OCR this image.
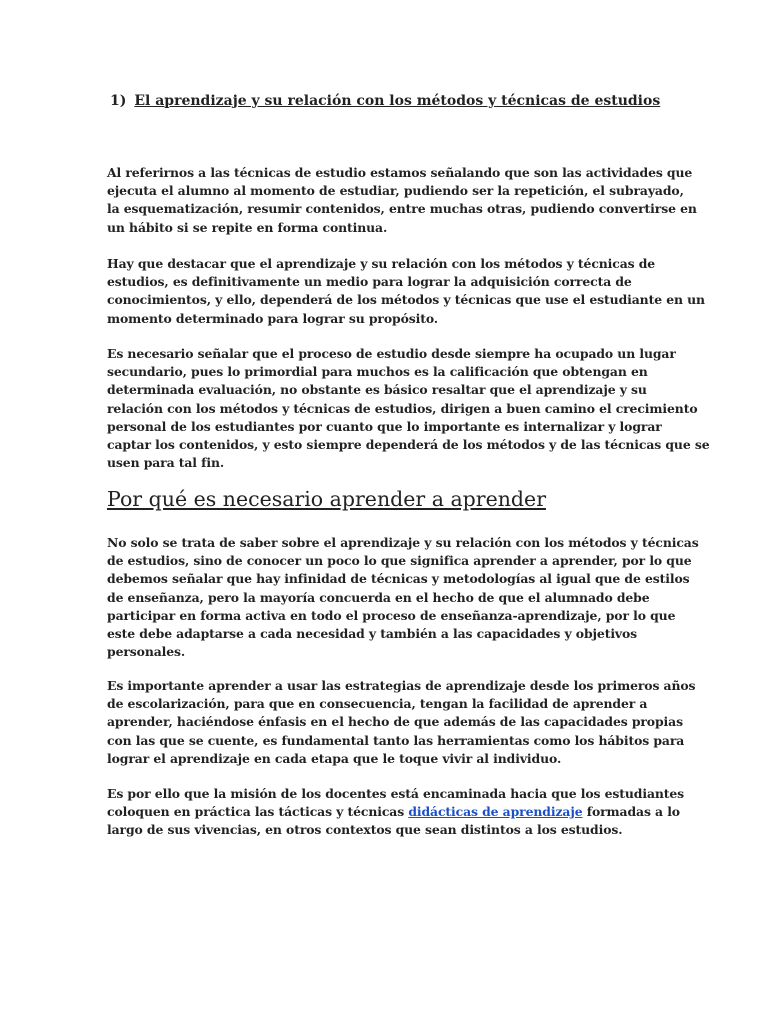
1) El aprendizaje y su relación con los métodos y técnicas de estudios

Al referirnos a las técnicas de estudio estamos señalando que son las actividades que
ejecuta el alumno al momento de estudiar, pudiendo ser la repetición, el subrayado,
la esquematización, resumir contenidos, entre muchas otras, pudiendo convertirse en
un hábito si se repite en forma continua.

Hay que destacar que el aprendizaje y su relación con los métodos y técnicas de
estudios, es definitivamente un medio para lograr la adquisición correcta de
conocimientos, y ello, dependerá de los métodos y técnicas que use el estudiante en un
momento determinado para lograr su propósito.

Es necesario señalar que el proceso de estudio desde siempre ha ocupado un lugar
secundario, pues lo primordial para muchos es la calificación que obtengan en
determinada evaluación, no obstante es básico resaltar que el aprendizaje y su
relación con los métodos y técnicas de estudios, dirigen a buen camino el crecimiento
personal de los estudiantes por cuanto que lo importante es internalizar y lograr
captar los contenidos, y esto siempre dependerá de los métodos y de las técnicas que se
usen para tal fin.

Por qué es necesario aprender a aprender

No solo se trata de saber sobre el aprendizaje y su relación con los métodos y técnicas
de estudios, sino de conocer un poco lo que significa aprender a aprender, por lo que
debemos señalar que hay infinidad de técnicas y metodologías al igual que de estilos
de enseñanza, pero la mayoría concuerda en el hecho de que el alumnado debe
participar en forma activa en todo el proceso de enseñanza-aprendizaje, por lo que
este debe adaptarse a cada necesidad y también a las capacidades y objetivos
personales.

Es importante aprender a usar las estrategias de aprendizaje desde los primeros años
de escolarización, para que en consecuencia, tengan la facilidad de aprender a
aprender, haciéndose énfasis en el hecho de que además de las capacidades propias
con las que se cuente, es fundamental tanto las herramientas como los hábitos para
lograr el aprendizaje en cada etapa que le toque vivir al individuo.

Es por ello que la misión de los docentes está encaminada hacia que los estudiantes
coloquen en práctica las tácticas y técnicas didácticas de aprendizaje formadas a lo
largo de sus vivencias, en otros contextos que sean distintos a los estudios.
